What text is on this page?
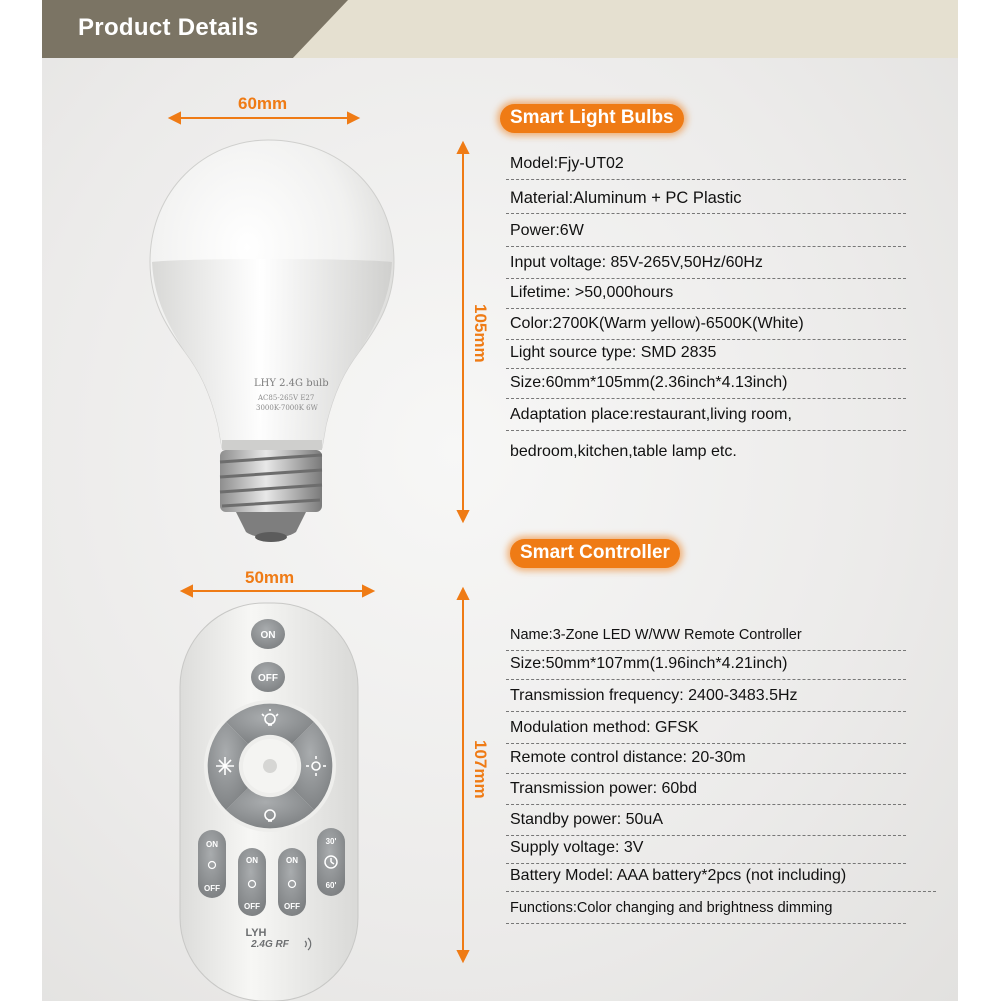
Product Details
LHY 2.4G bulb
AC85-265V E27
3000K-7000K 6W
ON
OFF
ON
OFF
ON
OFF
ON
OFF
30'
60'
LYH
2.4G RF
60mm
105mm
50mm
107mm
Smart Light Bulbs
Model:Fjy-UT02
Material:Aluminum + PC Plastic
Power:6W
Input voltage: 85V-265V,50Hz/60Hz
Lifetime: >50,000hours
Color:2700K(Warm yellow)-6500K(White)
Light source type: SMD 2835
Size:60mm*105mm(2.36inch*4.13inch)
Adaptation place:restaurant,living room,
bedroom,kitchen,table lamp etc.
Smart Controller
Name:3-Zone LED W/WW Remote Controller
Size:50mm*107mm(1.96inch*4.21inch)
Transmission frequency: 2400-3483.5Hz
Modulation method: GFSK
Remote control distance: 20-30m
Transmission power: 60bd
Standby power: 50uA
Supply voltage: 3V
Battery Model: AAA battery*2pcs (not including)
Functions:Color changing and brightness dimming
